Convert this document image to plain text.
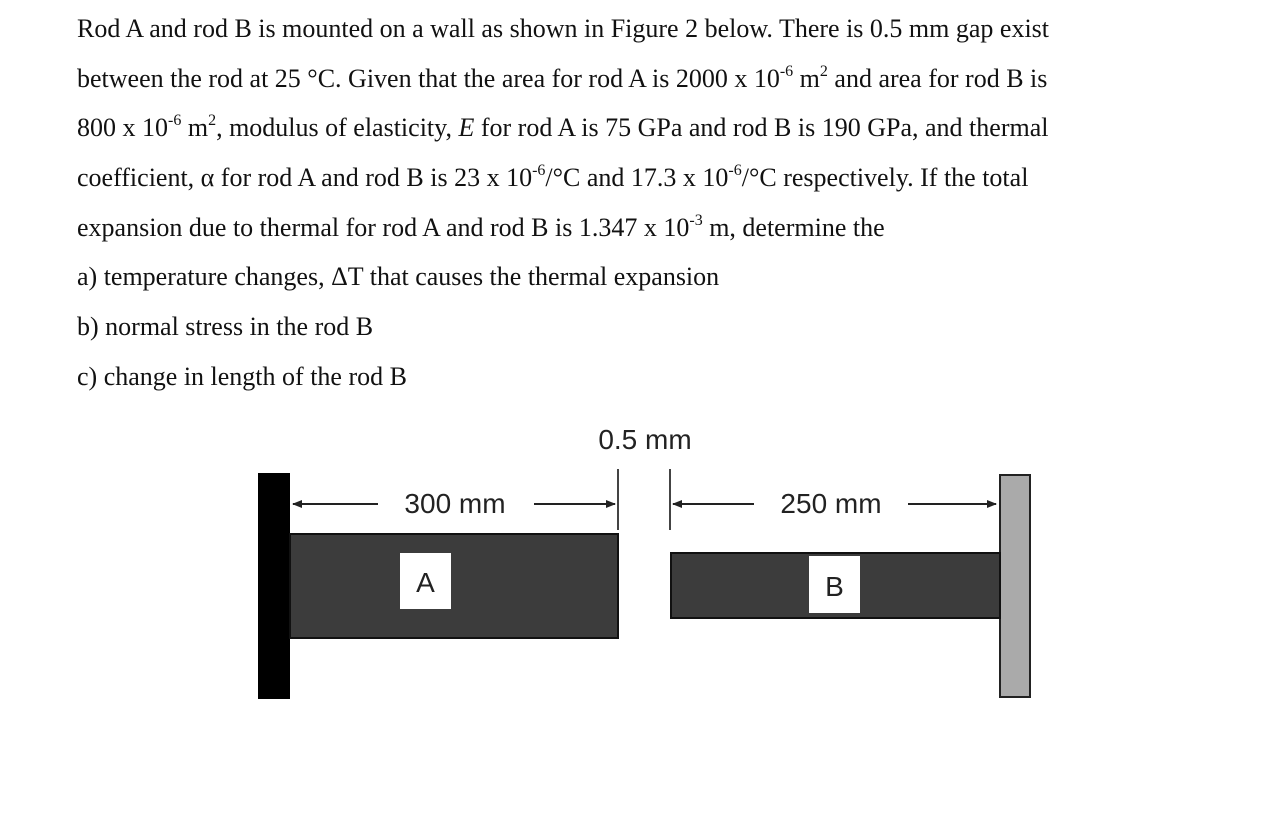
Rod A and rod B is mounted on a wall as shown in Figure 2 below. There is 0.5 mm gap exist
between the rod at 25 °C. Given that the area for rod A is 2000 x $10^{-6}$ $m^2$ and area for rod B is
800 x $10^{-6}$ $m^2$, modulus of elasticity, E for rod A is 75 GPa and rod B is 190 GPa, and thermal
coefficient, α for rod A and rod B is 23 x $10^{-6}/^\circ C$ and 17.3 x $10^{-6}/^\circ C$ respectively. If the total
expansion due to thermal for rod A and rod B is 1.347 x $10^{-3}$ m, determine the
a) temperature changes, ΔT that causes the thermal expansion
b) normal stress in the rod B
c) change in length of the rod B
A	B
0.5 mm
300 mm	250 mm
